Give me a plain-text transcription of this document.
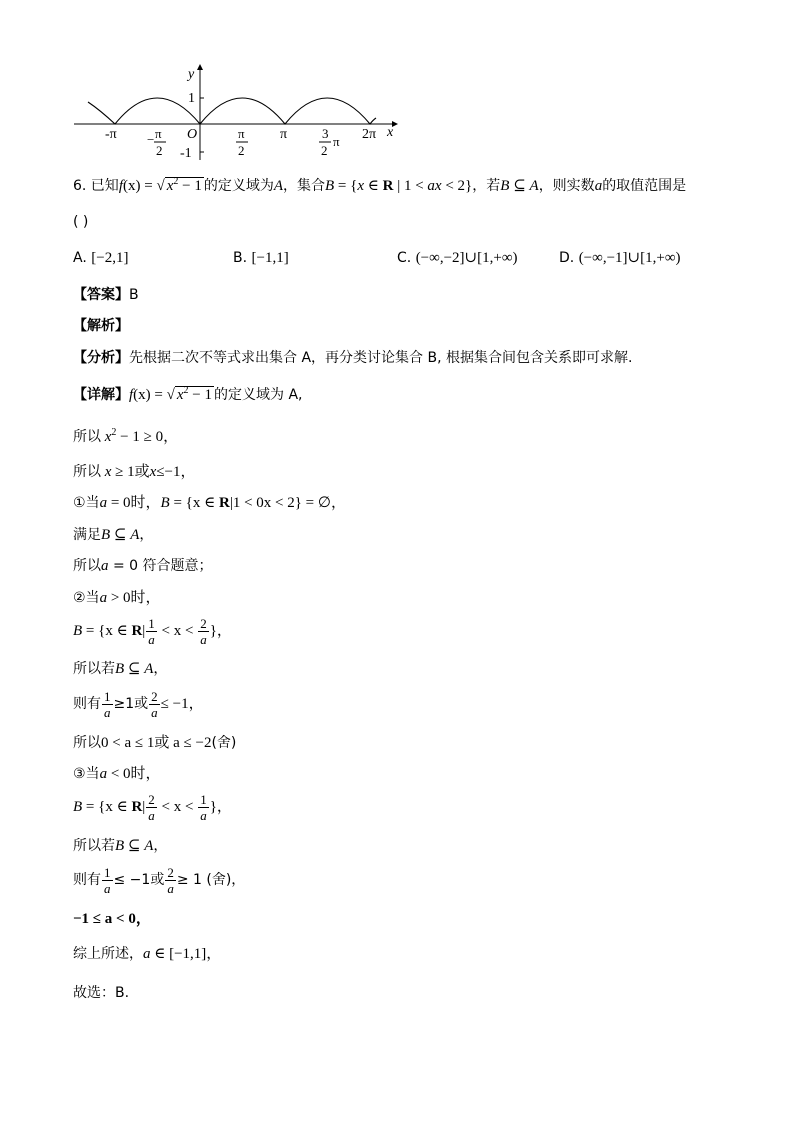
y
1
O
-1
x
-π	π
−
2
π
2
π	3
2
π 2π
6. 已知f(x) = √ $x^2 - 1$ 的定义域为A，集合B = {x ∈ R | 1 < ax < 2}，若B ⊆ A，则实数a的取值范围是
( )
A. [−2,1]	B. [−1,1]	C. (−∞,−2]∪[1,+∞)	D. (−∞,−1]∪[1,+∞)
【答案】B
【解析】
【分析】先根据二次不等式求出集合 A，再分类讨论集合 B, 根据集合间包含关系即可求解.
【详解】f(x) = √ $x^2 - 1$ 的定义域为 A,
所以 $x^2 - 1 \ge 0$，
所以 x ≥ 1或x≤−1，
①当a = 0时，B = {x ∈ R|1 < 0x < 2} = ∅，
满足B ⊆ A，
所以a = 0 符合题意；
②当a > 0时，
B = {x ∈ $R| \frac{1}{a} < x < \frac{2}{a}$ }，
所以若B ⊆ A，
则有 $\frac{1}{a} \ge 1$或 $\frac{2}{a} \le -1$，
所以0 < a ≤ 1或 a ≤ −2(舍)
③当a < 0时，
B = {x ∈ $R| \frac{2}{a} < x < \frac{1}{a}$ }，
所以若B ⊆ A，
则有 $\frac{1}{a} \le -1$或 $\frac{2}{a} \ge 1$ (舍)，
−1 ≤ a < 0，
综上所述，a ∈ [−1,1]，
故选：B.
